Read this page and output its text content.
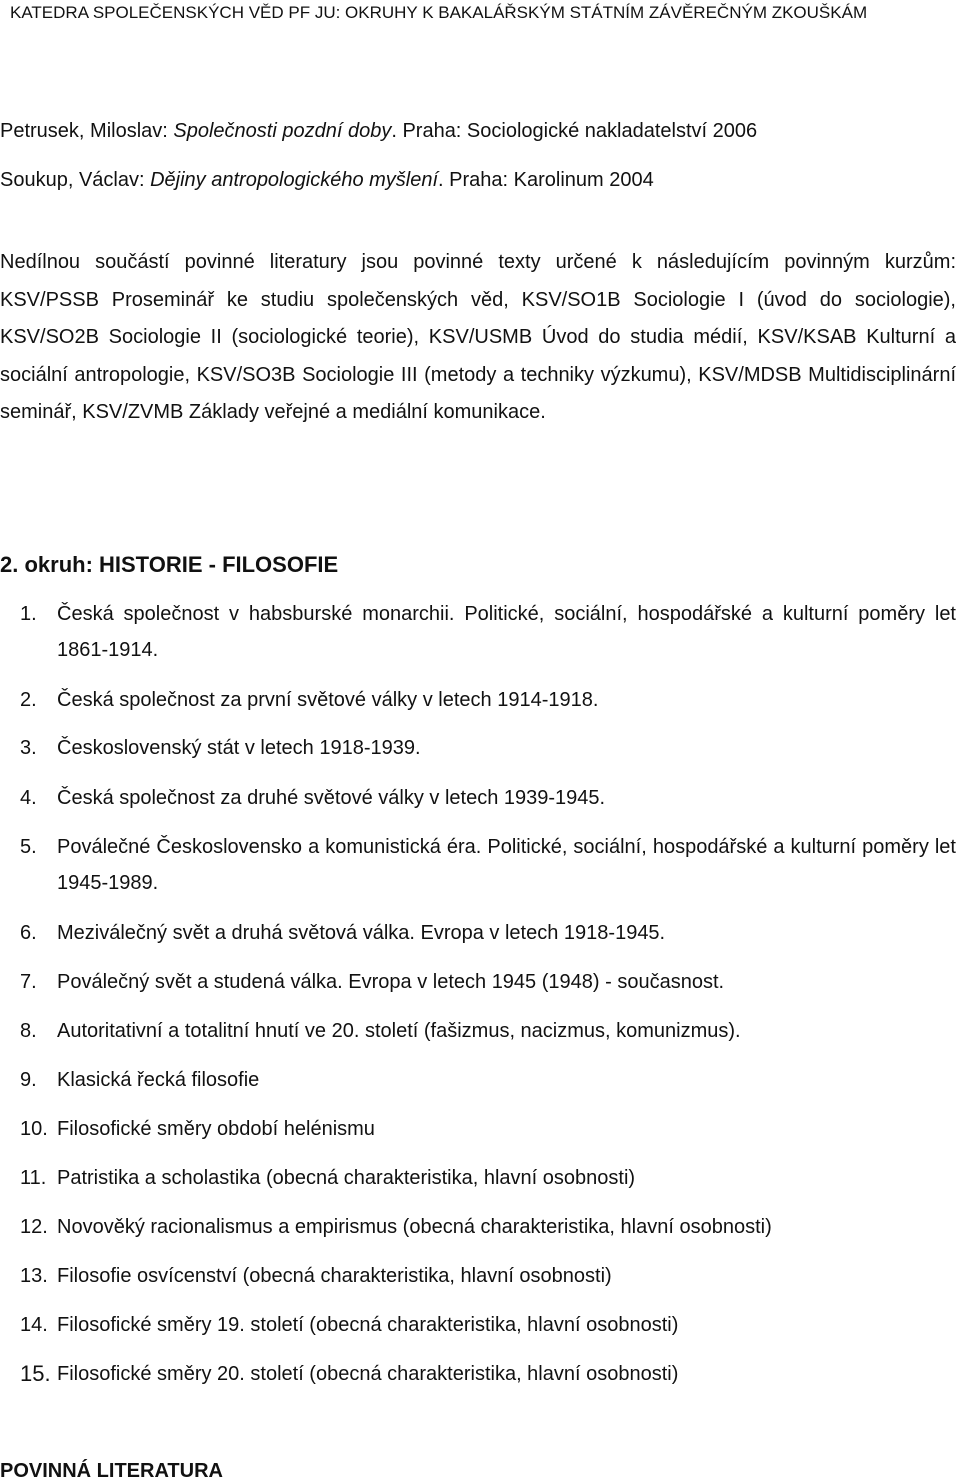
KATEDRA SPOLEČENSKÝCH VĚD PF JU: OKRUHY K BAKALÁŘSKÝM STÁTNÍM ZÁVĚREČNÝM ZKOUŠKÁM
Petrusek, Miloslav: Společnosti pozdní doby. Praha: Sociologické nakladatelství 2006
Soukup, Václav: Dějiny antropologického myšlení. Praha: Karolinum 2004
Nedílnou součástí povinné literatury jsou povinné texty určené k následujícím povinným kurzům: KSV/PSSB Proseminář ke studiu společenských věd, KSV/SO1B Sociologie I (úvod do sociologie), KSV/SO2B Sociologie II (sociologické teorie), KSV/USMB Úvod do studia médií, KSV/KSAB Kulturní a sociální antropologie, KSV/SO3B Sociologie III (metody a techniky výzkumu), KSV/MDSB Multidisciplinární seminář, KSV/ZVMB Základy veřejné a mediální komunikace.
2. okruh: HISTORIE - FILOSOFIE
1. Česká společnost v habsburské monarchii. Politické, sociální, hospodářské a kulturní poměry let 1861-1914.
2. Česká společnost za první světové války v letech 1914-1918.
3. Československý stát v letech 1918-1939.
4. Česká společnost za druhé světové války v letech 1939-1945.
5. Poválečné Československo a komunistická éra. Politické, sociální, hospodářské a kulturní poměry let 1945-1989.
6. Meziválečný svět a druhá světová válka. Evropa v letech 1918-1945.
7. Poválečný svět a studená válka. Evropa v letech 1945 (1948) - současnost.
8. Autoritativní a totalitní hnutí ve 20. století (fašizmus, nacizmus, komunizmus).
9. Klasická řecká filosofie
10. Filosofické směry období helénismu
11. Patristika a scholastika (obecná charakteristika, hlavní osobnosti)
12. Novověký racionalismus a empirismus (obecná charakteristika, hlavní osobnosti)
13. Filosofie osvícenství (obecná charakteristika, hlavní osobnosti)
14. Filosofické směry 19. století (obecná charakteristika, hlavní osobnosti)
15. Filosofické směry 20. století (obecná charakteristika, hlavní osobnosti)
POVINNÁ LITERATURA
